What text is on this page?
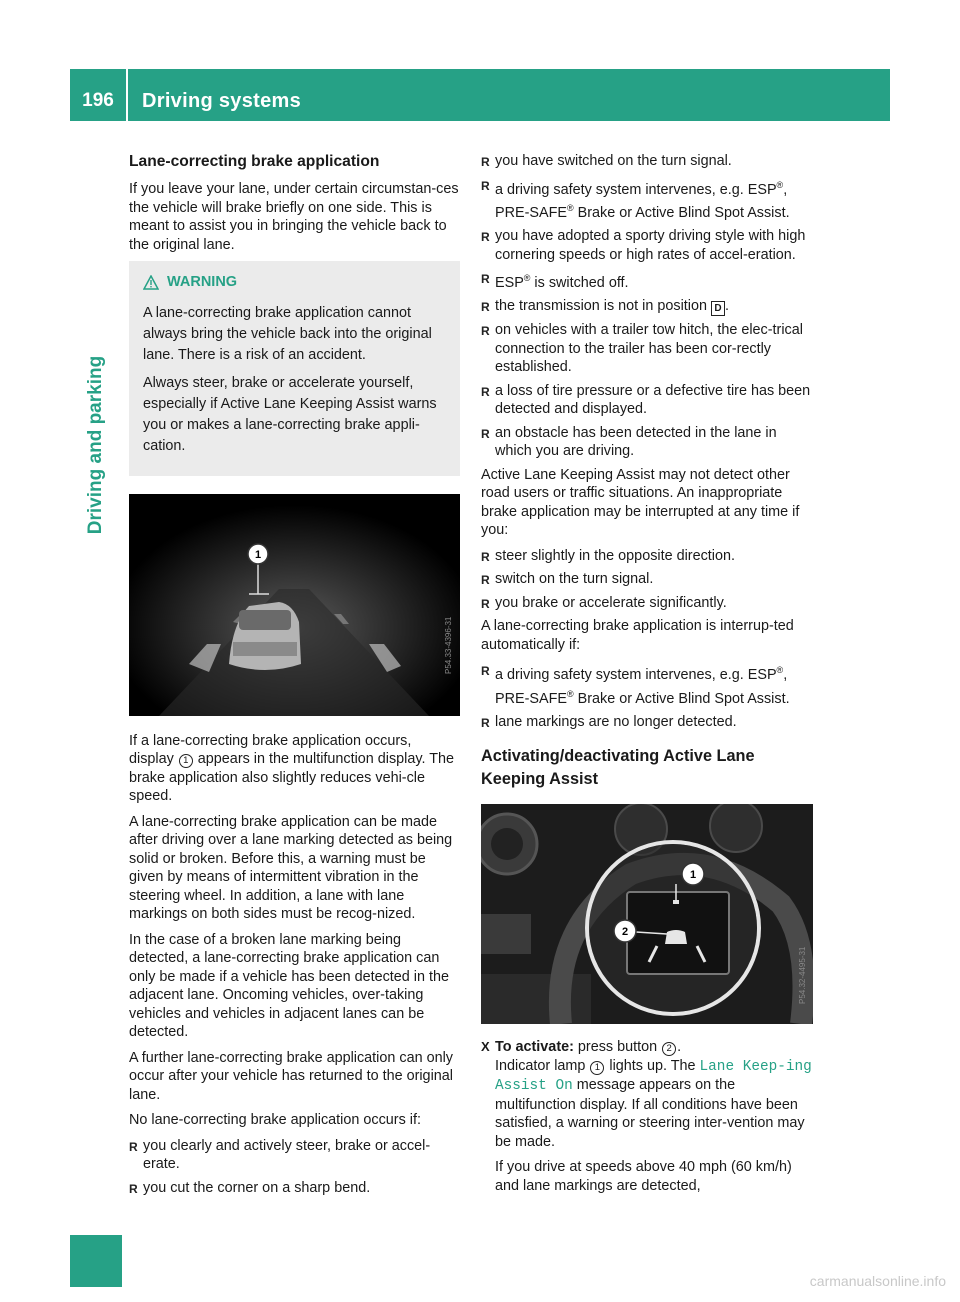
196	Driving systems
Driving and parking
Lane-correcting brake application

If you leave your lane, under certain circumstan-ces the vehicle will brake briefly on one side. This is meant to assist you in bringing the vehicle back to the original lane.

WARNING

A lane-correcting brake application cannot always bring the vehicle back into the original lane. There is a risk of an accident.

Always steer, brake or accelerate yourself, especially if Active Lane Keeping Assist warns you or makes a lane-correcting brake appli-cation.

1
P54.33-4396-31

If a lane-correcting brake application occurs, display 1 appears in the multifunction display. The brake application also slightly reduces vehi-cle speed.

A lane-correcting brake application can be made after driving over a lane marking detected as being solid or broken. Before this, a warning must be given by means of intermittent vibration in the steering wheel. In addition, a lane with lane markings on both sides must be recog-nized.

In the case of a broken lane marking being detected, a lane-correcting brake application can only be made if a vehicle has been detected in the adjacent lane. Oncoming vehicles, over-taking vehicles and vehicles in adjacent lanes can be detected.

A further lane-correcting brake application can only occur after your vehicle has returned to the original lane.

No lane-correcting brake application occurs if:

R you clearly and actively steer, brake or accel-erate.
R you cut the corner on a sharp bend.
R you have switched on the turn signal.
R a driving safety system intervenes, e.g. ESP®, PRE-SAFE® Brake or Active Blind Spot Assist.
R you have adopted a sporty driving style with high cornering speeds or high rates of accel-eration.
R ESP® is switched off.
R the transmission is not in position D .
R on vehicles with a trailer tow hitch, the elec-trical connection to the trailer has been cor-rectly established.
R a loss of tire pressure or a defective tire has been detected and displayed.
R an obstacle has been detected in the lane in which you are driving.

Active Lane Keeping Assist may not detect other road users or traffic situations. An inappropriate brake application may be interrupted at any time if you:

R steer slightly in the opposite direction.
R switch on the turn signal.
R you brake or accelerate significantly.

A lane-correcting brake application is interrup-ted automatically if:

R a driving safety system intervenes, e.g. ESP®, PRE-SAFE® Brake or Active Blind Spot Assist.
R lane markings are no longer detected.
Activating/deactivating Active Lane Keeping Assist
1
2
P54.32-4495-31

X To activate: press button 2 .
Indicator lamp 1 lights up. The Lane Keep-ing Assist On message appears on the multifunction display. If all conditions have been satisfied, a warning or steering inter-vention may be made.

If you drive at speeds above 40 mph (60 km/h) and lane markings are detected,

carmanualsonline.info
